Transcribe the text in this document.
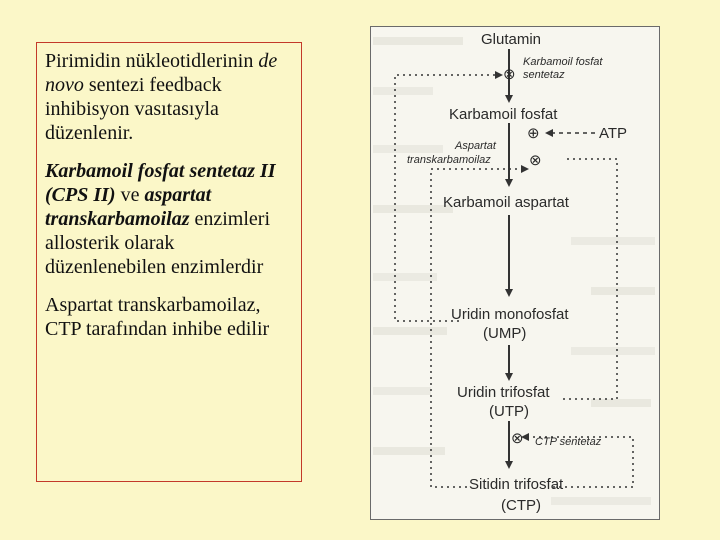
Pirimidin nükleotidlerinin de novo sentezi feedback inhibisyon vasıtasıyla düzenlenir.

Karbamoil fosfat sentetaz II (CPS II) ve aspartat transkarbamoilaz enzimleri allosterik olarak düzenlenebilen enzimlerdir

Aspartat transkarbamoilaz, CTP tarafından inhibe edilir

Glutamin
Karbamoil fosfat
Karbamoil aspartat
Uridin monofosfat
(UMP)
Uridin trifosfat
(UTP)
Sitidin trifosfat
(CTP)
Karbamoil fosfat
sentetaz
Aspartat
transkarbamoilaz
CTP sentetaz
⊗
⊕	ATP
⊗
⊗
